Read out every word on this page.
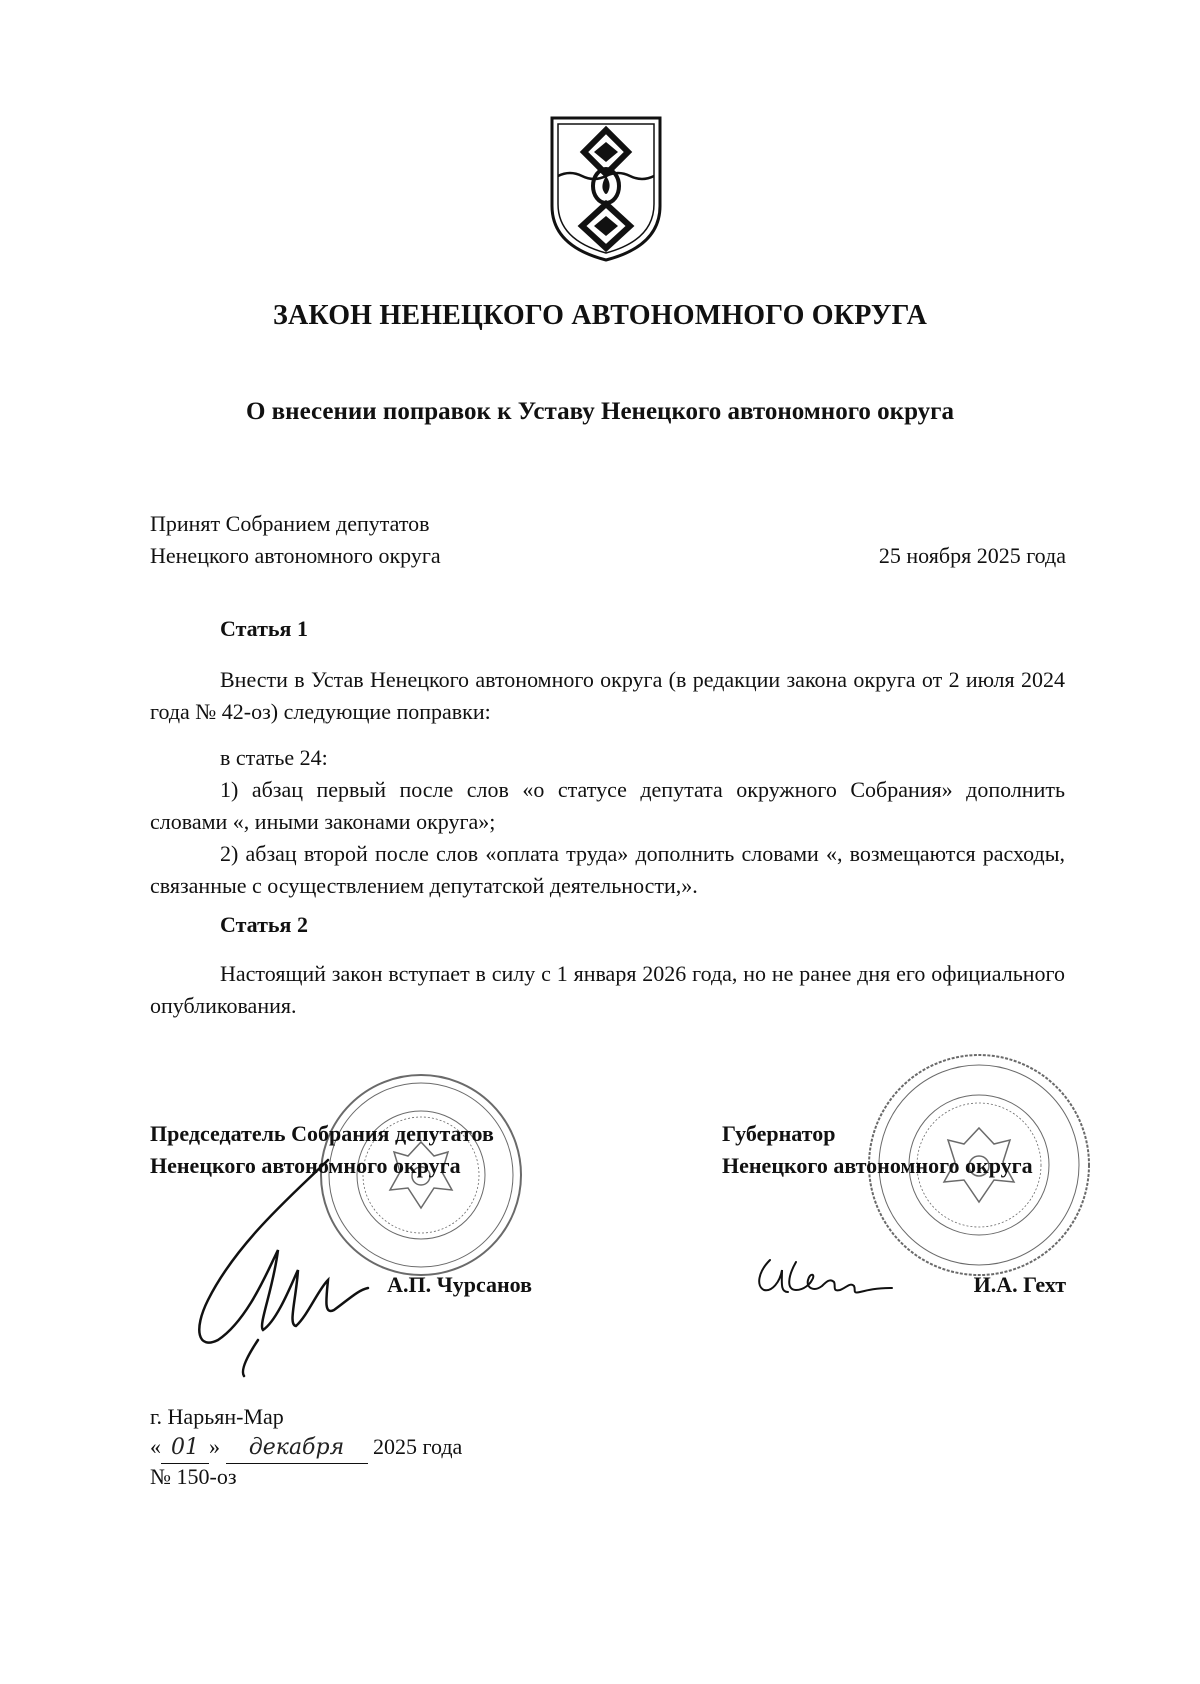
ЗАКОН НЕНЕЦКОГО АВТОНОМНОГО ОКРУГА
О внесении поправок к Уставу Ненецкого автономного округа
Принят Собранием депутатов
Ненецкого автономного округа	25 ноября 2025 года
Статья 1

Внести в Устав Ненецкого автономного округа (в редакции закона округа от 2 июля 2024 года № 42-оз) следующие поправки:

в статье 24:

1) абзац первый после слов «о статусе депутата окружного Собрания» дополнить словами «, иными законами округа»;

2) абзац второй после слов «оплата труда» дополнить словами «, возмещаются расходы, связанные с осуществлением депутатской деятельности,».

Статья 2

Настоящий закон вступает в силу с 1 января 2026 года, но не ранее дня его официального опубликования.

Председатель Собрания депутатов
Ненецкого автономного округа
Губернатор
Ненецкого автономного округа
А.П. Чурсанов	И.А. Гехт
г. Нарьян-Мар
« 01 » декабря 2025 года
№ 150-оз
